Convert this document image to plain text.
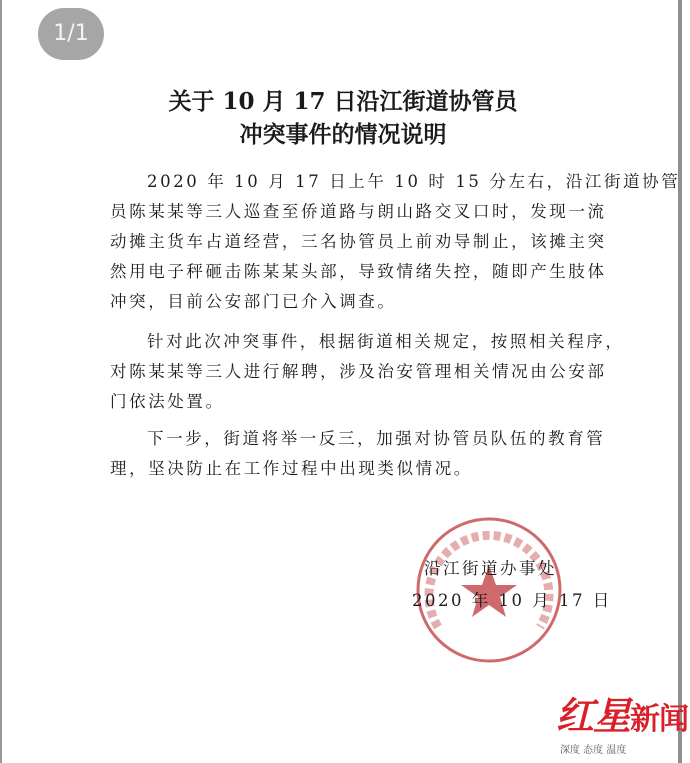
1/1
关于 10 月 17 日沿江街道协管员
冲突事件的情况说明
2020 年 10 月 17 日上午 10 时 15 分左右，沿江街道协管
员陈某某等三人巡查至侨道路与朗山路交叉口时，发现一流
动摊主货车占道经营，三名协管员上前劝导制止，该摊主突
然用电子秤砸击陈某某头部，导致情绪失控，随即产生肢体
冲突，目前公安部门已介入调查。
针对此次冲突事件，根据街道相关规定，按照相关程序，
对陈某某等三人进行解聘，涉及治安管理相关情况由公安部
门依法处置。
下一步，街道将举一反三，加强对协管员队伍的教育管
理，坚决防止在工作过程中出现类似情况。
沿江街道办事处
2020 年 10 月 17 日
红星新闻
深度 态度 温度
